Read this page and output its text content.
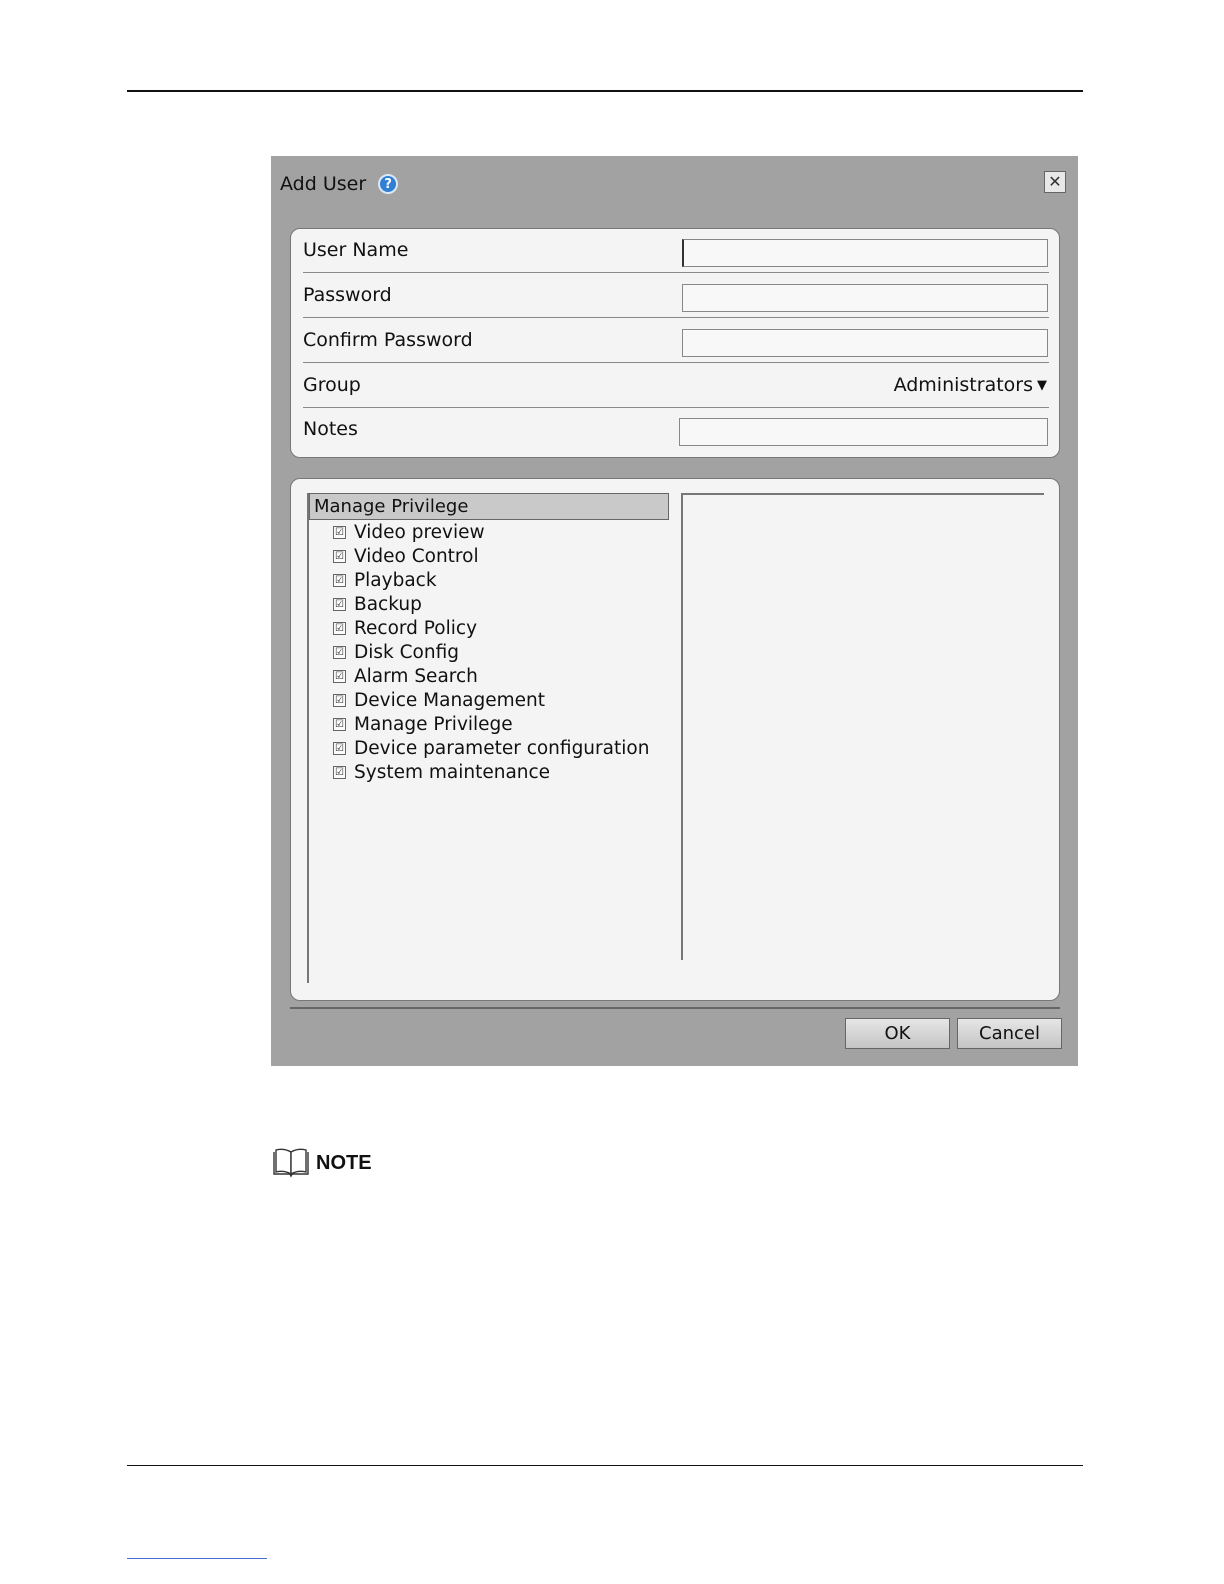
Add User	?	✕
User Name
Password
Confirm Password
Group	Administrators ▼
Notes
Manage Privilege
☑ Video preview
☑ Video Control
☑ Playback
☑ Backup
☑ Record Policy
☑ Disk Config
☑ Alarm Search
☑ Device Management
☑ Manage Privilege
☑ Device parameter configuration
☑ System maintenance
OK	Cancel
NOTE
